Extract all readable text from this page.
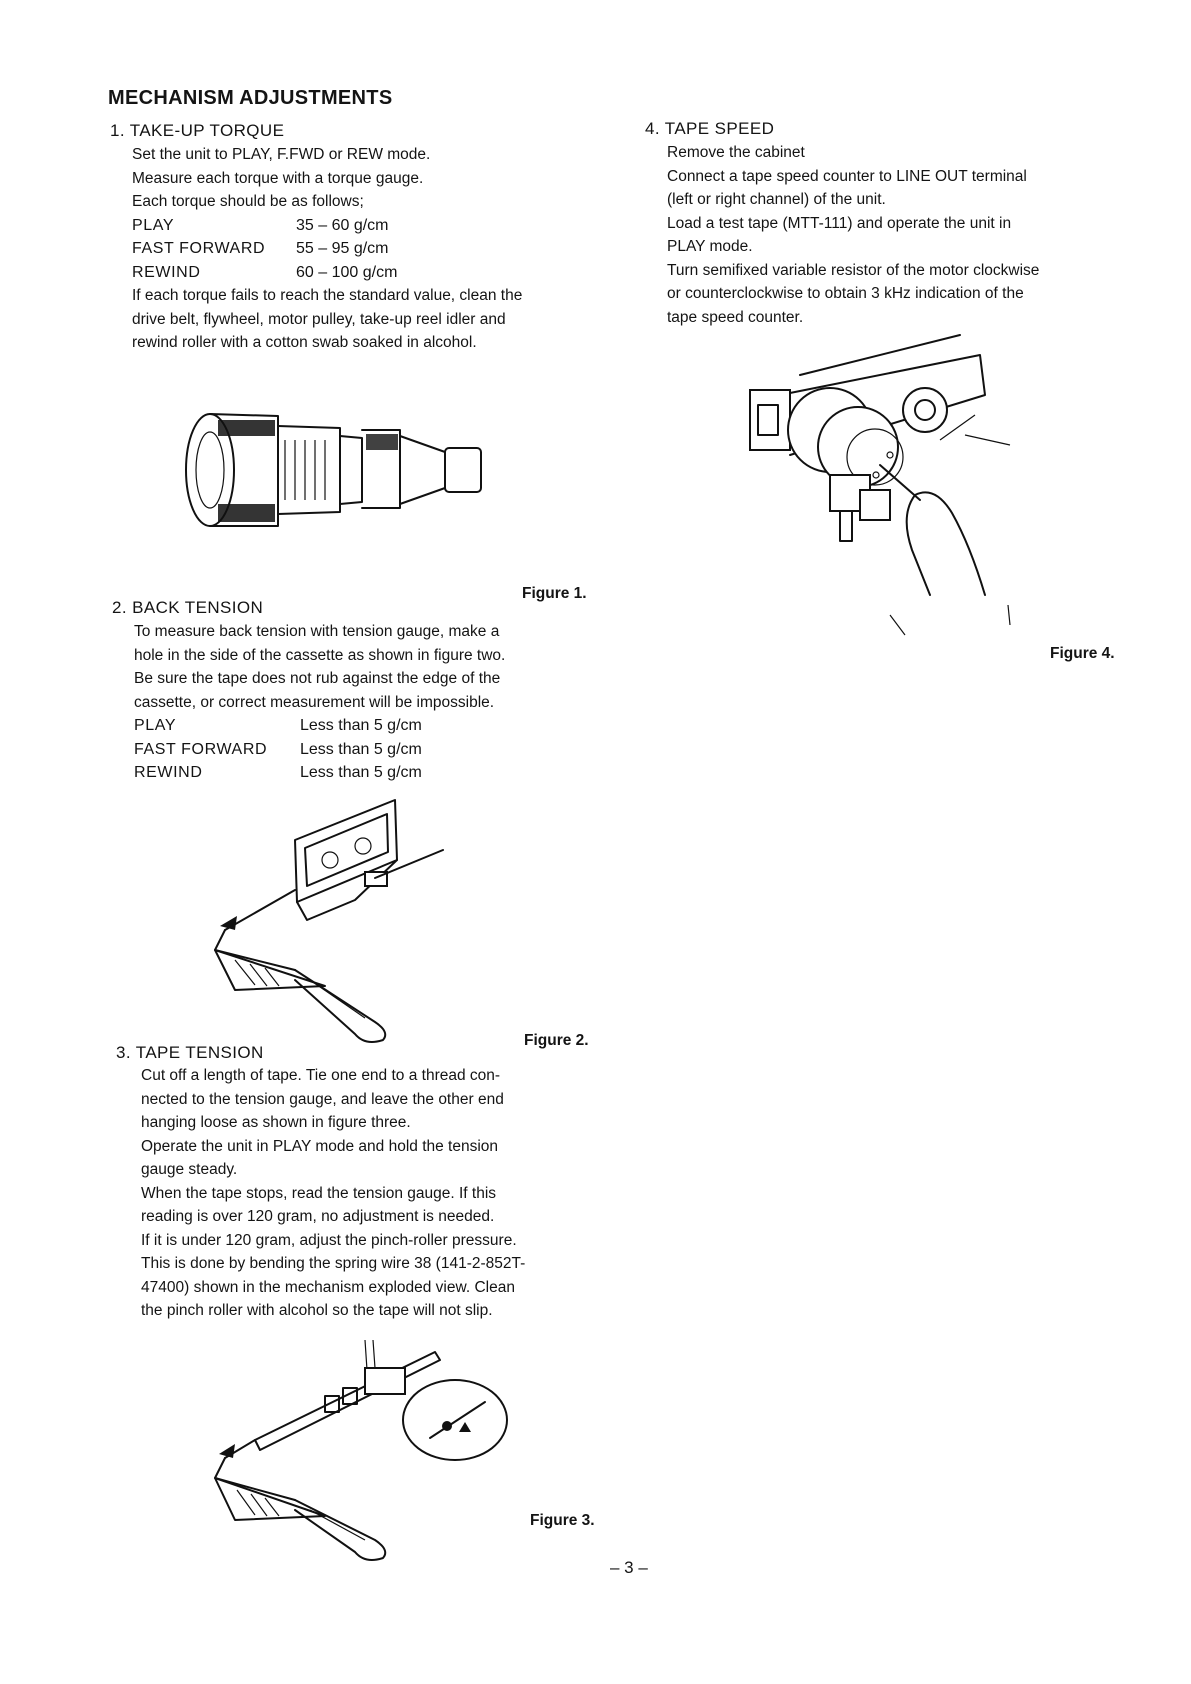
MECHANISM ADJUSTMENTS
1. TAKE-UP TORQUE
Set the unit to PLAY, F.FWD or REW mode.
Measure each torque with a torque gauge.
Each torque should be as follows;
PLAY	35 – 60 g/cm
FAST FORWARD 55 – 95 g/cm
REWIND	60 – 100 g/cm
If each torque fails to reach the standard value, clean the
drive belt, flywheel, motor pulley, take-up reel idler and
rewind roller with a cotton swab soaked in alcohol.
Figure 1.
2. BACK TENSION
To measure back tension with tension gauge, make a
hole in the side of the cassette as shown in figure two.
Be sure the tape does not rub against the edge of the
cassette, or correct measurement will be impossible.
PLAY	Less than 5 g/cm
FAST FORWARD Less than 5 g/cm
REWIND	Less than 5 g/cm
Figure 2.
3. TAPE TENSION
Cut off a length of tape. Tie one end to a thread con-
nected to the tension gauge, and leave the other end
hanging loose as shown in figure three.
Operate the unit in PLAY mode and hold the tension
gauge steady.
When the tape stops, read the tension gauge. If this
reading is over 120 gram, no adjustment is needed.
If it is under 120 gram, adjust the pinch-roller pressure.
This is done by bending the spring wire 38 (141-2-852T-
47400) shown in the mechanism exploded view. Clean
the pinch roller with alcohol so the tape will not slip.
Figure 3.
4. TAPE SPEED
Remove the cabinet
Connect a tape speed counter to LINE OUT terminal
(left or right channel) of the unit.
Load a test tape (MTT-111) and operate the unit in
PLAY mode.
Turn semifixed variable resistor of the motor clockwise
or counterclockwise to obtain 3 kHz indication of the
tape speed counter.
Figure 4.
– 3 –
